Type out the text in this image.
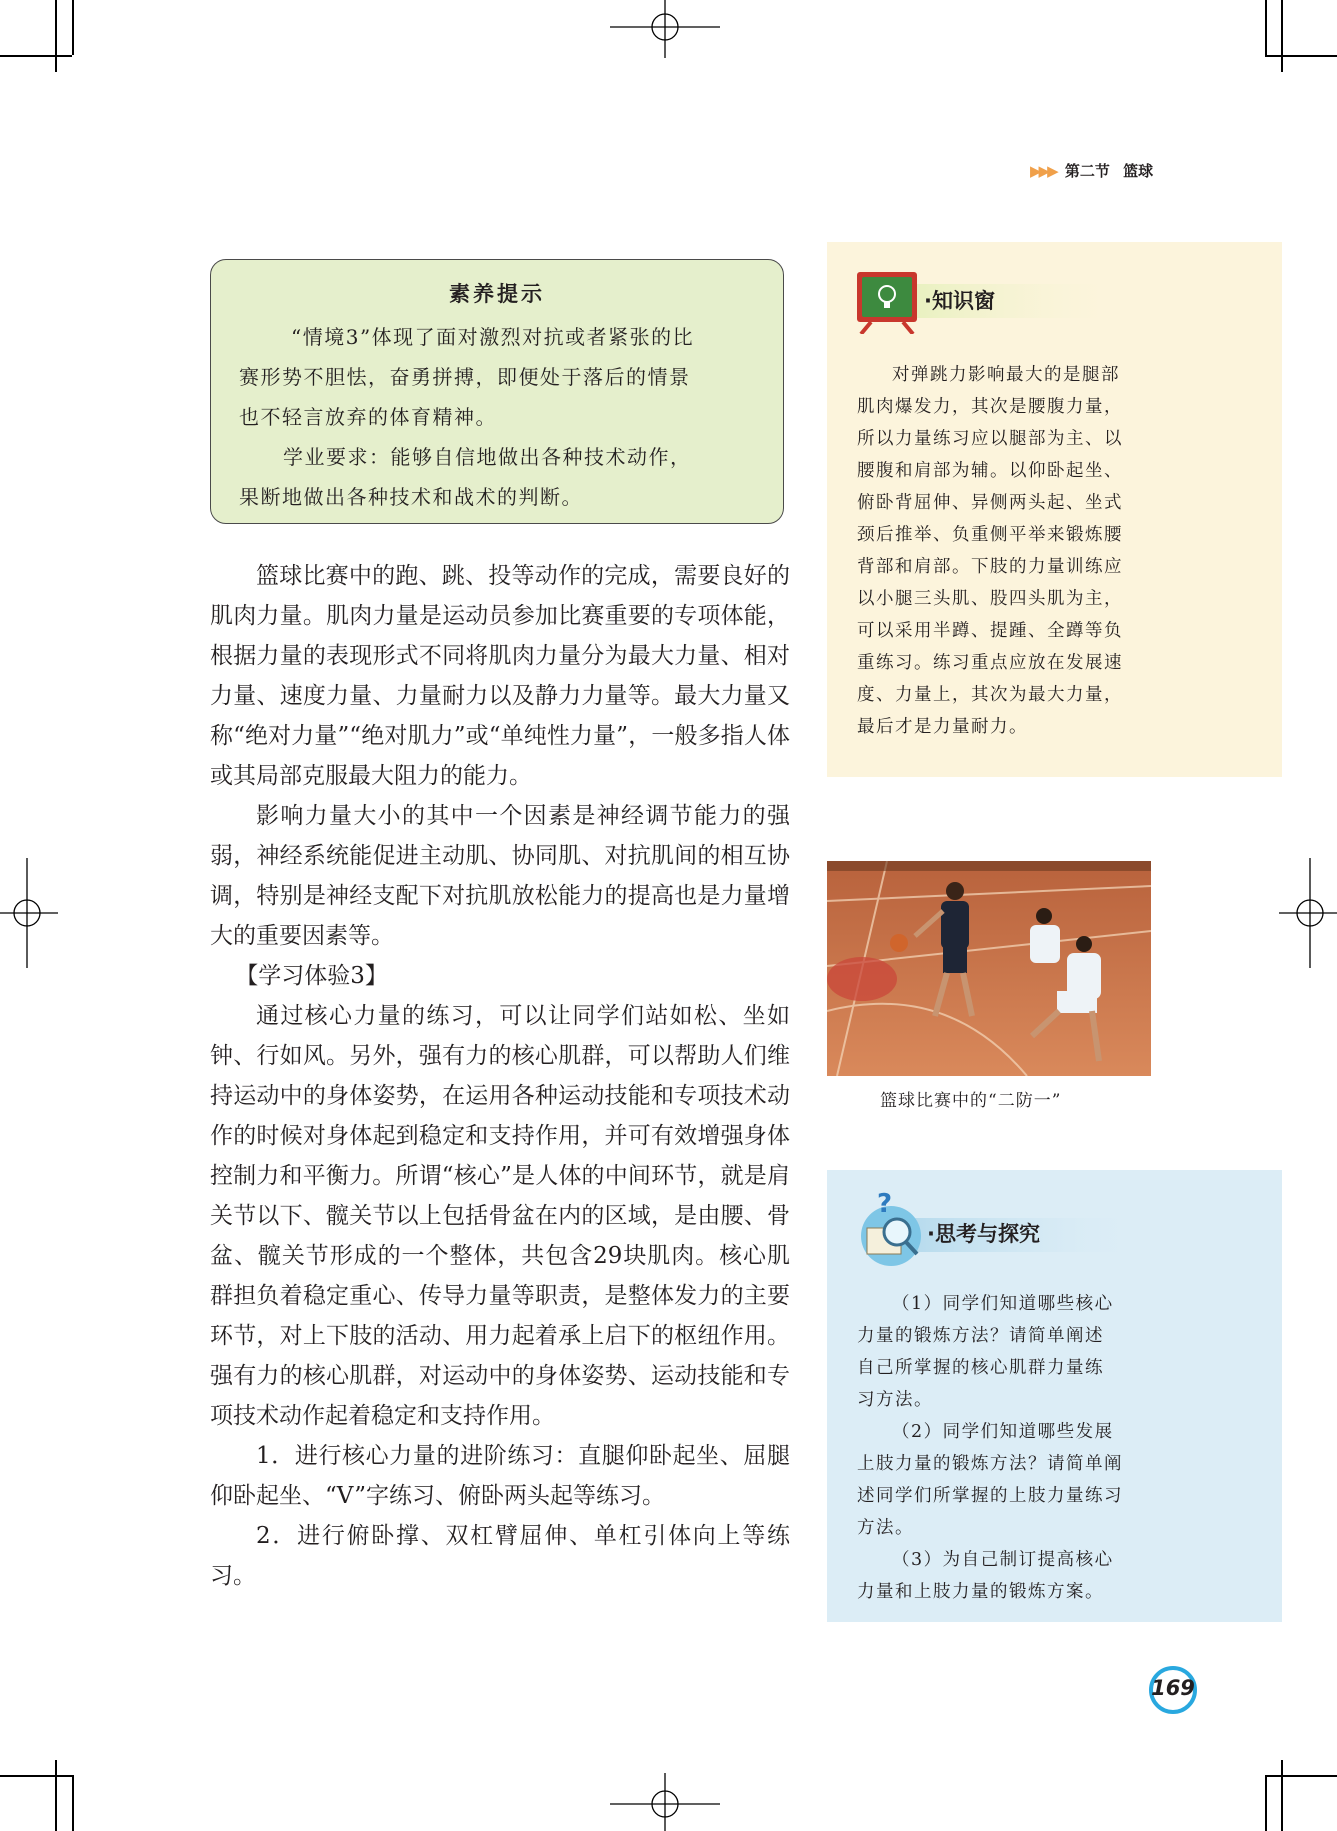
▶▶▶ 第二节 篮球
素养提示

“情境3”体现了面对激烈对抗或者紧张的比

赛形势不胆怯，奋勇拼搏，即便处于落后的情景

也不轻言放弃的体育精神。

学业要求：能够自信地做出各种技术动作，

果断地做出各种技术和战术的判断。

篮球比赛中的跑、跳、投等动作的完成，需要良好的肌肉力量。肌肉力量是运动员参加比赛重要的专项体能，根据力量的表现形式不同将肌肉力量分为最大力量、相对力量、速度力量、力量耐力以及静力力量等。最大力量又称“绝对力量”“绝对肌力”或“单纯性力量”，一般多指人体或其局部克服最大阻力的能力。

影响力量大小的其中一个因素是神经调节能力的强弱，神经系统能促进主动肌、协同肌、对抗肌间的相互协调，特别是神经支配下对抗肌放松能力的提高也是力量增大的重要因素等。

【学习体验3】

通过核心力量的练习，可以让同学们站如松、坐如钟、行如风。另外，强有力的核心肌群，可以帮助人们维持运动中的身体姿势，在运用各种运动技能和专项技术动作的时候对身体起到稳定和支持作用，并可有效增强身体控制力和平衡力。所谓“核心”是人体的中间环节，就是肩关节以下、髋关节以上包括骨盆在内的区域，是由腰、骨盆、髋关节形成的一个整体，共包含29块肌肉。核心肌群担负着稳定重心、传导力量等职责，是整体发力的主要环节，对上下肢的活动、用力起着承上启下的枢纽作用。强有力的核心肌群，对运动中的身体姿势、运动技能和专项技术动作起着稳定和支持作用。

1．进行核心力量的进阶练习：直腿仰卧起坐、屈腿仰卧起坐、“V”字练习、俯卧两头起等练习。

2．进行俯卧撑、双杠臂屈伸、单杠引体向上等练习。

·知识窗

对弹跳力影响最大的是腿部

肌肉爆发力，其次是腰腹力量，

所以力量练习应以腿部为主、以

腰腹和肩部为辅。以仰卧起坐、

俯卧背屈伸、异侧两头起、坐式

颈后推举、负重侧平举来锻炼腰

背部和肩部。下肢的力量训练应

以小腿三头肌、股四头肌为主，

可以采用半蹲、提踵、全蹲等负

重练习。练习重点应放在发展速

度、力量上，其次为最大力量，

最后才是力量耐力。

篮球比赛中的“二防一”
?
·思考与探究

（1）同学们知道哪些核心

力量的锻炼方法？请简单阐述

自己所掌握的核心肌群力量练

习方法。

（2）同学们知道哪些发展

上肢力量的锻炼方法？请简单阐

述同学们所掌握的上肢力量练习

方法。

（3）为自己制订提高核心

力量和上肢力量的锻炼方案。

169
